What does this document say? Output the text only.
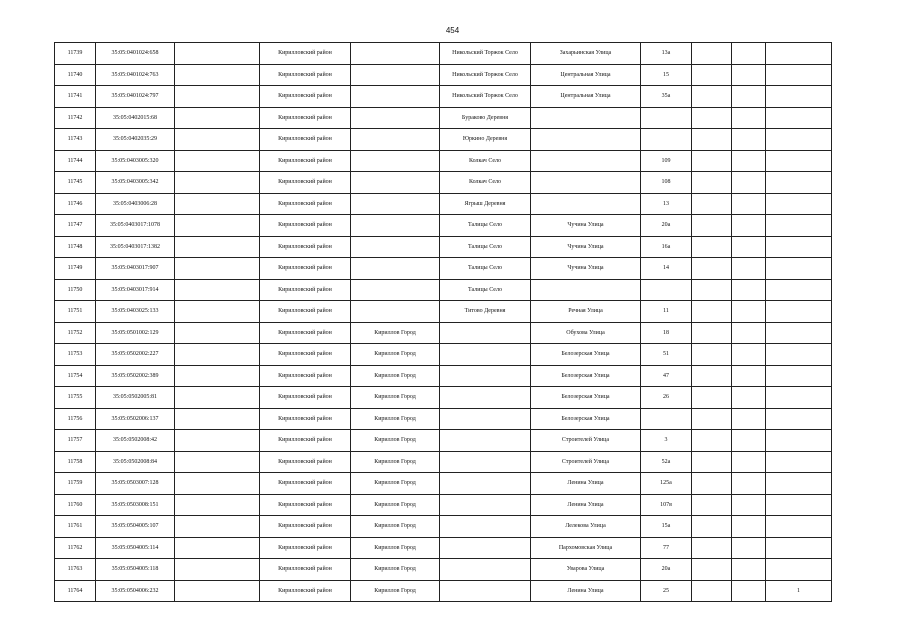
454
11739	35:05:0401024:658		Кирилловский район		Никольский Торжок Село	Захарьинская Улица	13а			
11740	35:05:0401024:763		Кирилловский район		Никольский Торжок Село	Центральная Улица	15			
11741	35:05:0401024:797		Кирилловский район		Никольский Торжок Село	Центральная Улица	35а			
11742	35:05:0402015:68		Кирилловский район		Бураково Деревня					
11743	35:05:0402035:29		Кирилловский район		Юркино Деревня					
11744	35:05:0403005:320		Кирилловский район		Колкач Село		109			
11745	35:05:0403005:342		Кирилловский район		Колкач Село		108			
11746	35:05:0403006:28		Кирилловский район		Ягрыш Деревня		13			
11747	35:05:0403017:1078		Кирилловский район		Талицы Село	Чучина Улица	20а			
11748	35:05:0403017:1382		Кирилловский район		Талицы Село	Чучина Улица	16а			
11749	35:05:0403017:907		Кирилловский район		Талицы Село	Чучина Улица	14			
11750	35:05:0403017:914		Кирилловский район		Талицы Село					
11751	35:05:0403025:133		Кирилловский район		Титово Деревня	Речная Улица	11			
11752	35:05:0501002:129		Кирилловский район	Кириллов Город		Обухова Улица	18			
11753	35:05:0502002:227		Кирилловский район	Кириллов Город		Белозерская Улица	51			
11754	35:05:0502002:389		Кирилловский район	Кириллов Город		Белозерская Улица	47			
11755	35:05:0502005:81		Кирилловский район	Кириллов Город		Белозерская Улица	26			
11756	35:05:0502006:137		Кирилловский район	Кириллов Город		Белозерская Улица				
11757	35:05:0502008:42		Кирилловский район	Кириллов Город		Строителей Улица	3			
11758	35:05:0502008:84		Кирилловский район	Кириллов Город		Строителей Улица	52а			
11759	35:05:0503007:128		Кирилловский район	Кириллов Город		Ленина Улица	125а			
11760	35:05:0503008:151		Кирилловский район	Кириллов Город		Ленина Улица	107в			
11761	35:05:0504005:107		Кирилловский район	Кириллов Город		Лелекова Улица	15а			
11762	35:05:0504005:114		Кирилловский район	Кириллов Город		Пархомовская Улица	77			
11763	35:05:0504005:118		Кирилловский район	Кириллов Город		Уварова Улица	20а			
11764	35:05:0504006:232		Кирилловский район	Кириллов Город		Ленина Улица	25			1
